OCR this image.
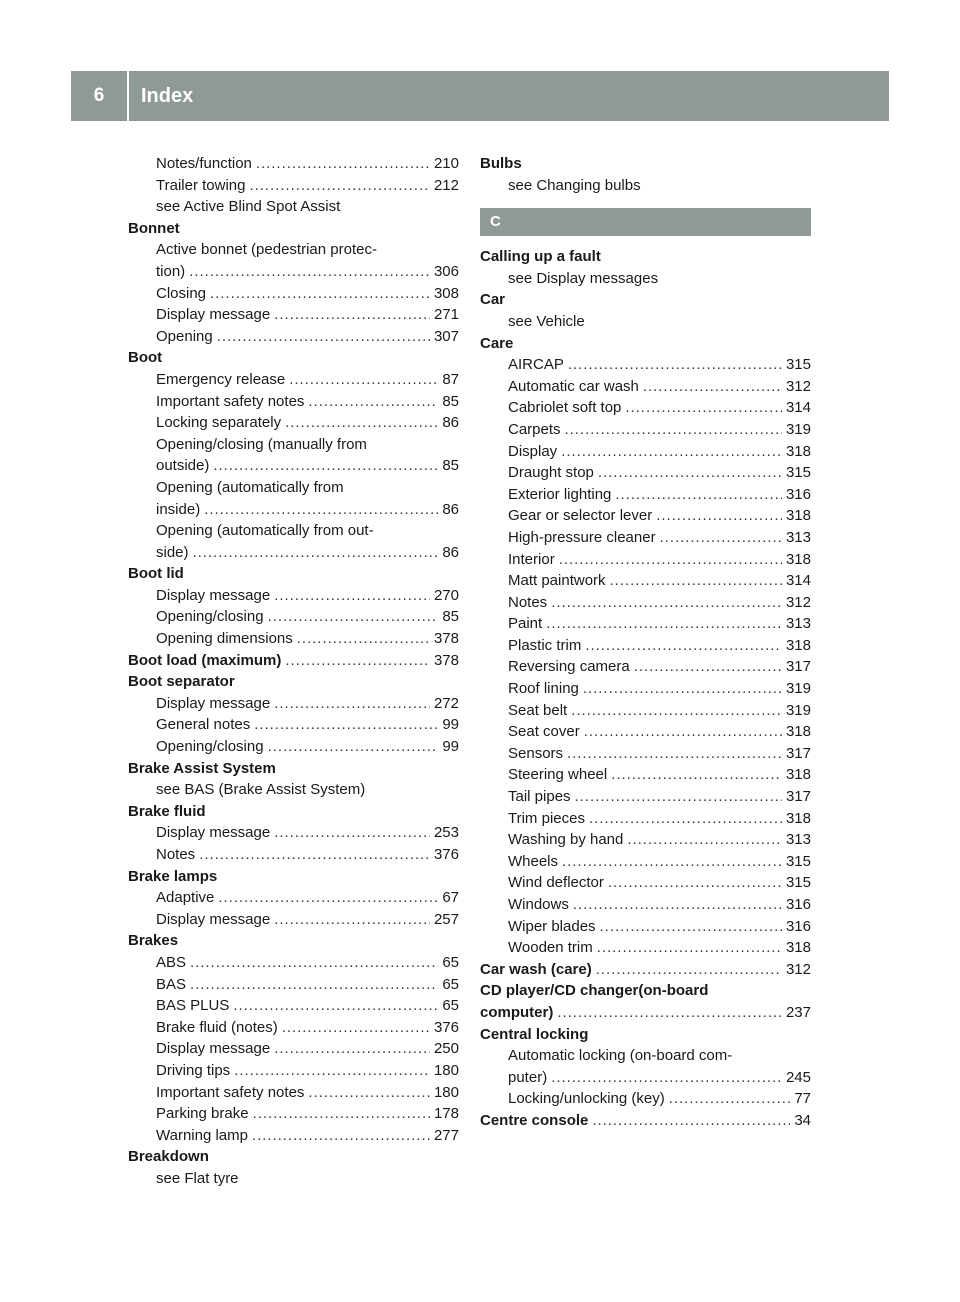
6	Index
Notes/function . . .	210
Trailer towing . . .	212
see Active Blind Spot Assist
Bonnet
Active bonnet (pedestrian protec-
tion) . . .	306
Closing . . .	308
Display message . . .	271
Opening . . .	307
Boot
Emergency release . . .	87
Important safety notes . . .	85
Locking separately . . .	86
Opening/closing (manually from
outside) . . .	85
Opening (automatically from
inside) . . .	86
Opening (automatically from out-
side) . . .	86
Boot lid
Display message . . .	270
Opening/closing . . .	85
Opening dimensions . . .	378
Boot load (maximum) . . .	378
Boot separator
Display message . . .	272
General notes . . .	99
Opening/closing . . .	99
Brake Assist System
see BAS (Brake Assist System)
Brake fluid
Display message . . .	253
Notes . . .	376
Brake lamps
Adaptive . . .	67
Display message . . .	257
Brakes
ABS . . .	65
BAS . . .	65
BAS PLUS . . .	65
Brake fluid (notes) . . .	376
Display message . . .	250
Driving tips . . .	180
Important safety notes . . .	180
Parking brake . . .	178
Warning lamp . . .	277
Breakdown
see Flat tyre
Bulbs
see Changing bulbs
C
Calling up a fault
see Display messages
Car
see Vehicle
Care
AIRCAP . . .	315
Automatic car wash . . .	312
Cabriolet soft top . . .	314
Carpets . . .	319
Display . . .	318
Draught stop . . .	315
Exterior lighting . . .	316
Gear or selector lever . . .	318
High-pressure cleaner . . .	313
Interior . . .	318
Matt paintwork . . .	314
Notes . . .	312
Paint . . .	313
Plastic trim . . .	318
Reversing camera . . .	317
Roof lining . . .	319
Seat belt . . .	319
Seat cover . . .	318
Sensors . . .	317
Steering wheel . . .	318
Tail pipes . . .	317
Trim pieces . . .	318
Washing by hand . . .	313
Wheels . . .	315
Wind deflector . . .	315
Windows . . .	316
Wiper blades . . .	316
Wooden trim . . .	318
Car wash (care) . . .	312
CD player/CD changer(on-board
computer) . . .	237
Central locking
Automatic locking (on-board com-
puter) . . .	245
Locking/unlocking (key) . . .	77
Centre console . . .	34
